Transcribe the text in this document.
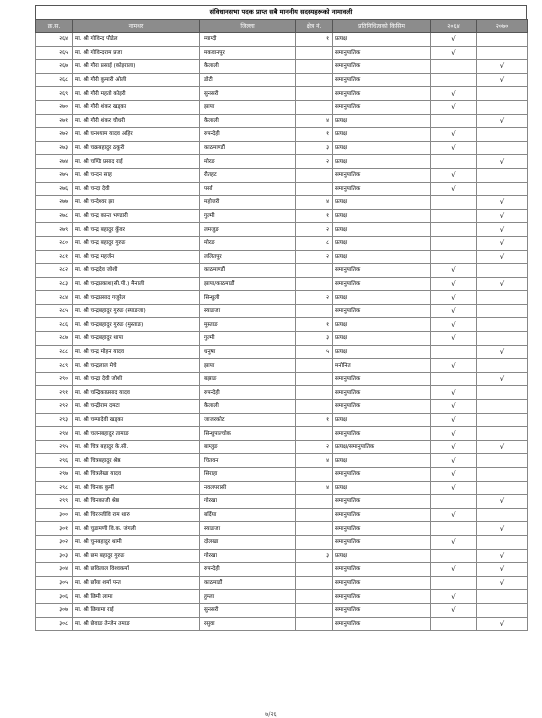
संविधानसभा पदक प्राप्त सबै माननीय सदस्यहरूको नामावली
क्र.स.	नामथर	जिल्ला	क्षेत्र नं.	प्रतिनिधित्वको किसिम	२०६४	२०७०
२६४	मा. श्री गोविन्द पौडेल	म्याग्दी	१	प्रत्यक्ष	√	
२६५	मा. श्री गोविन्दराम प्रजा	मकवानपुर		समानुपातिक	√	
२६७	मा. श्री गौरा प्रसाई (कोइराला)	कैलाली		समानुपातिक		√
२६८	मा. श्री गौरी कुमारी ओली	डोटी		समानुपातिक		√
२६९	मा. श्री गौरी महतो कोइरी	सुनसरी		समानुपातिक	√	
२७०	मा. श्री गौरी शंकर खड्का	झापा		समानुपातिक	√	
२७१	मा. श्री गौरी शंकर चौधरी	कैलाली	४	प्रत्यक्ष		√
२७२	मा. श्री घनश्याम यादव अहिर	रुपन्देही	१	प्रत्यक्ष	√	
२७३	मा. श्री चक्रबहादुर ठकुरी	काठमाण्डौं	३	प्रत्यक्ष	√	
२७४	मा. श्री चण्डि प्रसाद राई	मोरङ	२	प्रत्यक्ष		√
२७५	मा. श्री चन्दन साह	रौतहट		समानुपातिक	√	
२७६	मा. श्री चन्दा देवी	पर्सा		समानुपातिक	√	
२७७	मा. श्री चन्देश्वर झा	महोत्तरी	४	प्रत्यक्ष		√
२७८	मा. श्री चन्द्र कान्त भण्डारी	गुल्मी	१	प्रत्यक्ष		√
२७९	मा. श्री चन्द्र बहादुर कुँवर	लमजुङ	२	प्रत्यक्ष		√
२८०	मा. श्री चन्द्र बहादुर गुरुङ	मोरङ	८	प्रत्यक्ष		√
२८१	मा. श्री चन्द्र महर्जन	ललितपुर	२	प्रत्यक्ष		√
२८२	मा. श्री चन्द्रदेव जोशी	काठमाण्डौं		समानुपातिक	√	
२८३	मा. श्री चन्द्रप्रकाश(सी.पी.) मैनाली	झापा/काठमाडौं		समानुपातिक	√	√
२८४	मा. श्री चन्द्रप्रसाद गजुरेल	सिन्धुली	२	प्रत्यक्ष	√	
२८५	मा. श्री चन्द्रबहादुर गुरुङ (स्याङजा)	स्याङजा		समानुपातिक	√	
२८६	मा. श्री चन्द्रबहादुर गुरुङ (मुस्ताङ)	मुस्ताङ	१	प्रत्यक्ष	√	
२८७	मा. श्री चन्द्रबहादुर थापा	गुल्मी	३	प्रत्यक्ष	√	
२८८	मा. श्री चन्द्र मोहन यादव	धनुषा	५	प्रत्यक्ष		√
२८९	मा. श्री चन्द्रलाल मेचे	झापा		मनोनित	√	
२९०	मा. श्री चन्द्रा देवी जोशी	बझाङ		समानुपातिक		√
२९१	मा. श्री चन्द्रिकाप्रसाद यादव	रुपन्देही		समानुपातिक	√	
२९२	मा. श्री चन्द्रीराम दमटा	कैलाली		समानुपातिक	√	
२९३	मा. श्री चम्पादेवी खड्का	जाजरकोट	१	प्रत्यक्ष	√	
२९४	मा. श्री चलनबहादुर तामाङ	सिन्धुपाल्चोक		समानुपातिक	√	
२९५	मा. श्री चित्र बहादुर के.सी.	बाग्लुङ	२	प्रत्यक्ष/समानुपातिक	√	√
२९६	मा. श्री चित्रबहादुर श्रेष्ठ	चितवन	४	प्रत्यक्ष	√	
२९७	मा. श्री चित्रलेखा यादव	सिराहा		समानुपातिक	√	
२९८	मा. श्री चिनक कुर्मी	नवलपरासी	४	प्रत्यक्ष	√	
२९९	मा. श्री चिनकाजी श्रेष्ठ	गोरखा		समानुपातिक		√
३००	मा. श्री चिरञ्जीवि राम थारु	बर्दिया		समानुपातिक	√	
३०१	मा. श्री चुडामणी वि.क. जंगली	स्याङजा		समानुपातिक		√
३०२	मा. श्री चुनबहादुर थामी	दोलखा		समानुपातिक	√	
३०३	मा. श्री छम बहादुर गुरुङ	गोरखा	३	प्रत्यक्ष		√
३०४	मा. श्री छविलाल विश्वकर्मा	रुपन्देही		समानुपातिक	√	√
३०५	मा. श्री छाँया शर्मा पन्त	काठमाडौं		समानुपातिक		√
३०६	मा. श्री छिमी लामा	हुम्ला		समानुपातिक	√	
३०७	मा. श्री छियामा राई	सुनसरी		समानुपातिक	√	
३०८	मा. श्री छेवाङ तेन्जेन तमाङ	रसुवा		समानुपातिक		√
७/२६
